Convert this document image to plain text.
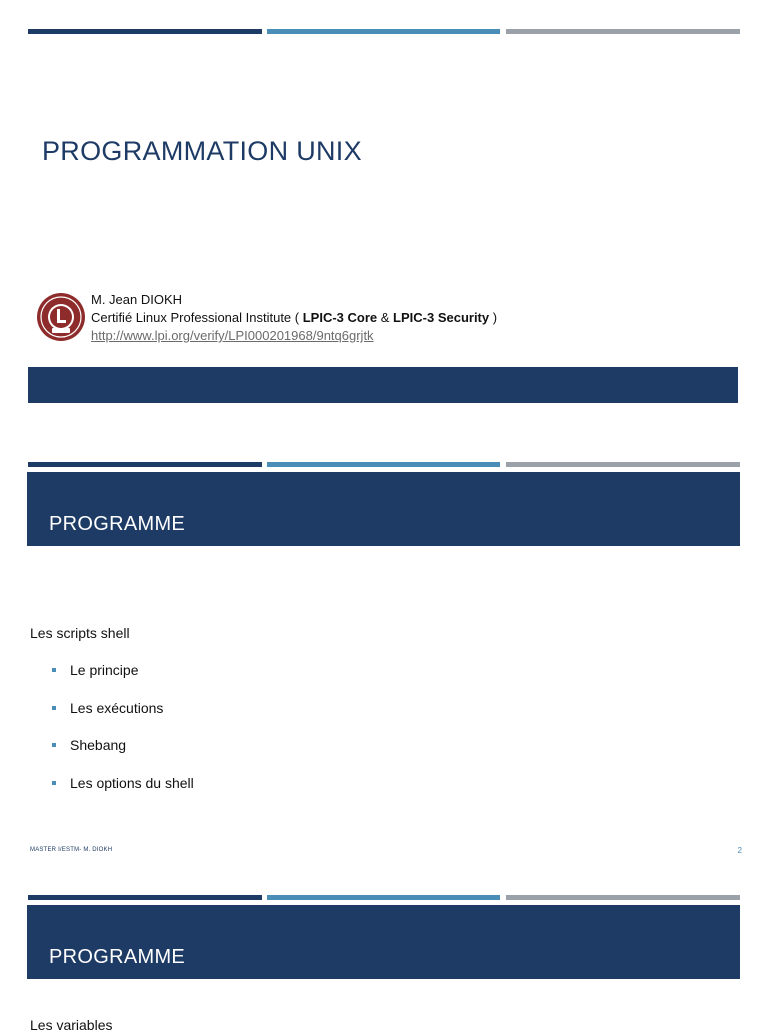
PROGRAMMATION UNIX
M. Jean DIOKH
Certifié Linux Professional Institute ( LPIC-3 Core & LPIC-3 Security )
http://www.lpi.org/verify/LPI000201968/9ntq6grjtk
PROGRAMME
Les scripts shell
Le principe
Les exécutions
Shebang
Les options du shell
MASTER I/ESTM- M. DIOKH	2
PROGRAMME
Les variables
